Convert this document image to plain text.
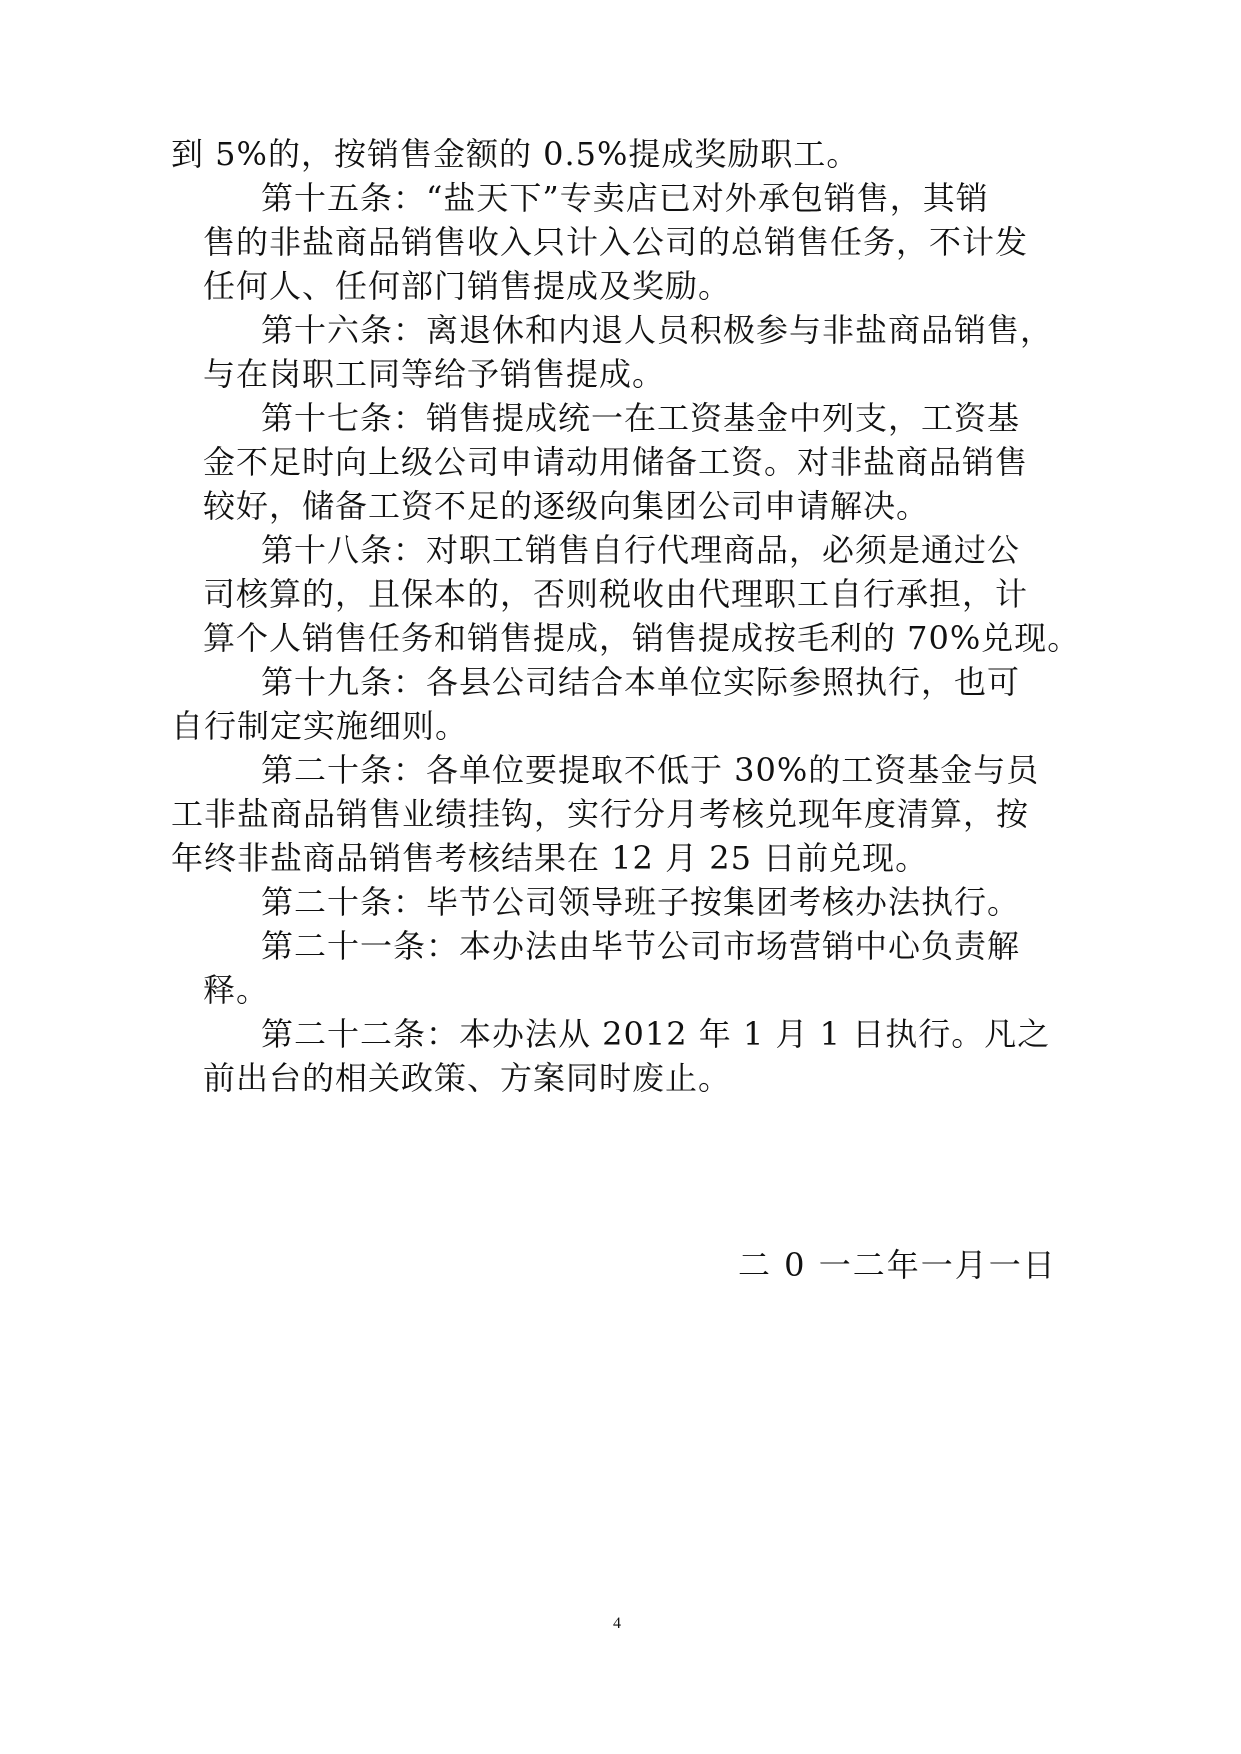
到 5%的，按销售金额的 0.5%提成奖励职工。
第十五条：“盐天下”专卖店已对外承包销售，其销
售的非盐商品销售收入只计入公司的总销售任务，不计发
任何人、任何部门销售提成及奖励。
第十六条：离退休和内退人员积极参与非盐商品销售，
与在岗职工同等给予销售提成。
第十七条：销售提成统一在工资基金中列支，工资基
金不足时向上级公司申请动用储备工资。对非盐商品销售
较好，储备工资不足的逐级向集团公司申请解决。
第十八条：对职工销售自行代理商品，必须是通过公
司核算的，且保本的，否则税收由代理职工自行承担，计
算个人销售任务和销售提成，销售提成按毛利的 70%兑现。
第十九条：各县公司结合本单位实际参照执行，也可
自行制定实施细则。
第二十条：各单位要提取不低于 30%的工资基金与员
工非盐商品销售业绩挂钩，实行分月考核兑现年度清算，按
年终非盐商品销售考核结果在 12 月 25 日前兑现。
第二十条：毕节公司领导班子按集团考核办法执行。
第二十一条：本办法由毕节公司市场营销中心负责解
释。
第二十二条：本办法从 2012 年 1 月 1 日执行。凡之
前出台的相关政策、方案同时废止。
二 0 一二年一月一日
4
